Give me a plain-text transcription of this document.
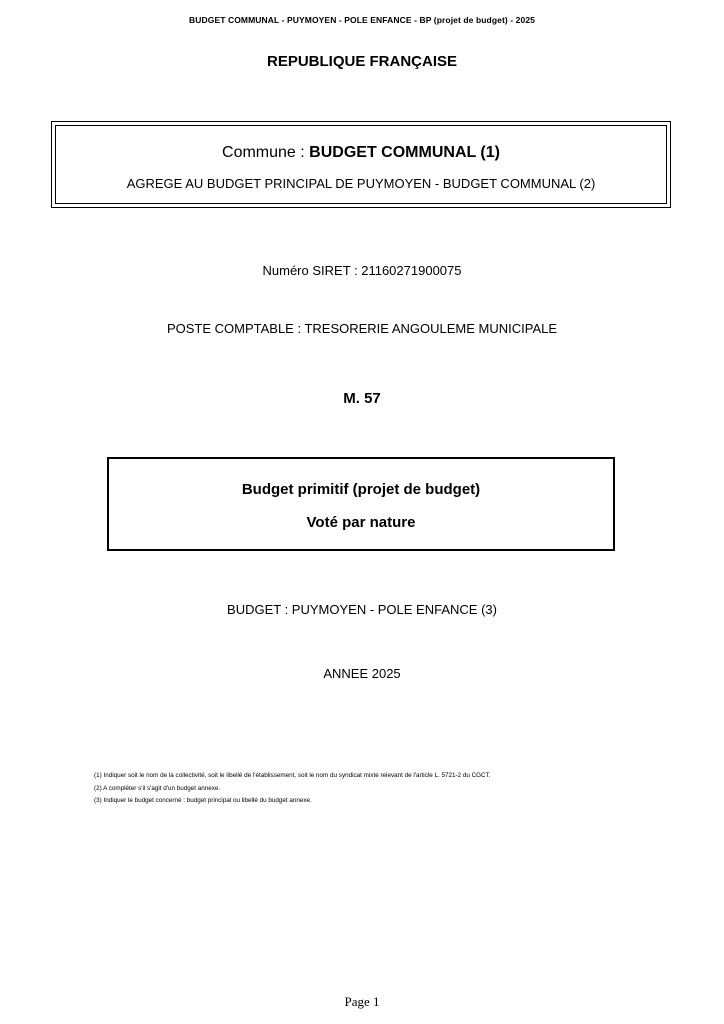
BUDGET COMMUNAL - PUYMOYEN - POLE ENFANCE - BP (projet de budget) - 2025
REPUBLIQUE FRANÇAISE
Commune : BUDGET COMMUNAL (1)
AGREGE AU BUDGET PRINCIPAL DE PUYMOYEN - BUDGET COMMUNAL (2)
Numéro SIRET : 21160271900075
POSTE COMPTABLE : TRESORERIE ANGOULEME MUNICIPALE
M. 57
Budget primitif (projet de budget)
Voté par nature
BUDGET : PUYMOYEN - POLE ENFANCE (3)
ANNEE 2025
(1) Indiquer soit le nom de la collectivité, soit le libellé de l'établissement, soit le nom du syndicat mixte relevant de l'article L. 5721-2 du CGCT.
(2) A compléter s'il s'agit d'un budget annexe.
(3) Indiquer le budget concerné : budget principal ou libellé du budget annexe.
Page 1
